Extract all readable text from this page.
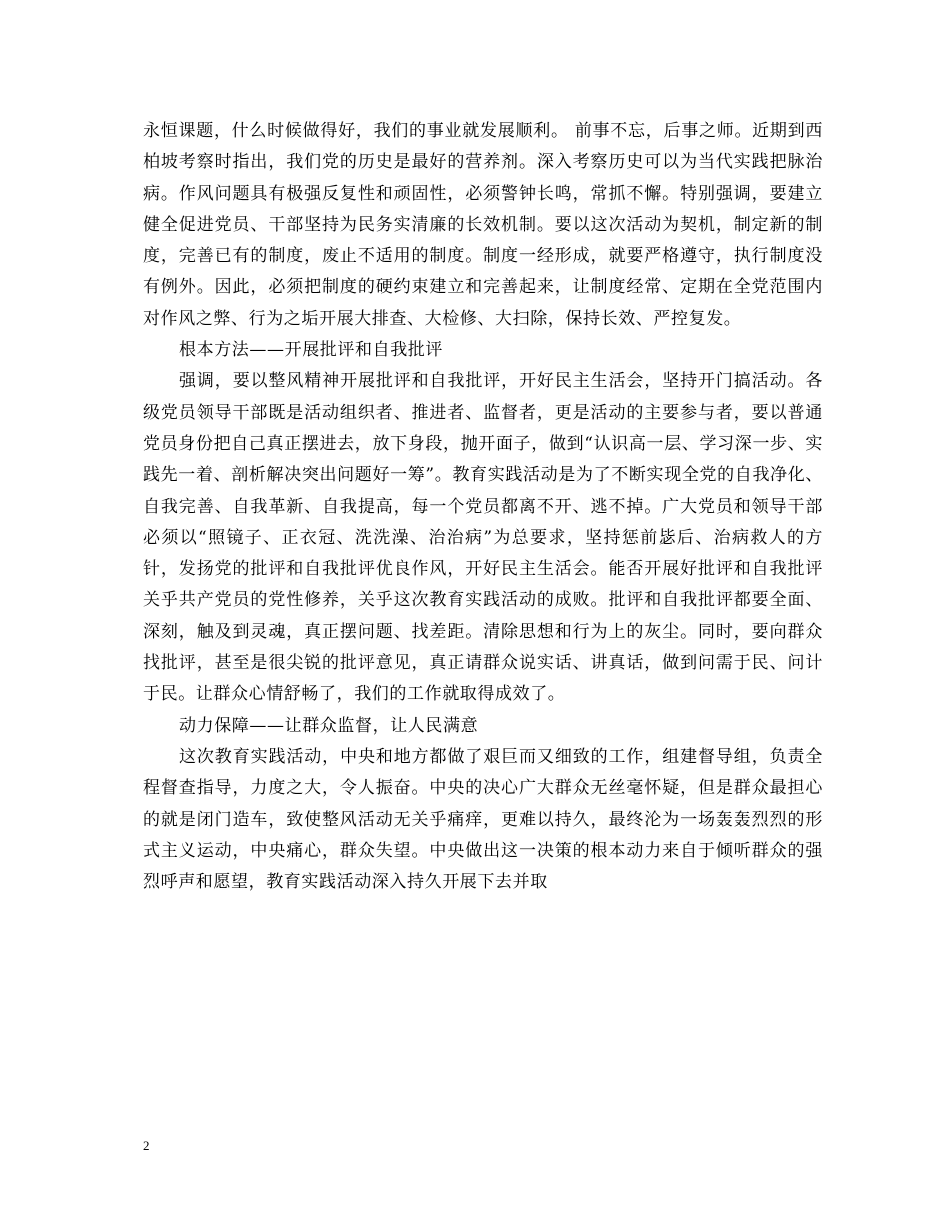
永恒课题，什么时候做得好，我们的事业就发展顺利。 前事不忘，后事之师。近期到西柏坡考察时指出，我们党的历史是最好的营养剂。深入考察历史可以为当代实践把脉治病。作风问题具有极强反复性和顽固性，必须警钟长鸣，常抓不懈。特别强调，要建立健全促进党员、干部坚持为民务实清廉的长效机制。要以这次活动为契机，制定新的制度，完善已有的制度，废止不适用的制度。制度一经形成，就要严格遵守，执行制度没有例外。因此，必须把制度的硬约束建立和完善起来，让制度经常、定期在全党范围内对作风之弊、行为之垢开展大排查、大检修、大扫除，保持长效、严控复发。

根本方法——开展批评和自我批评

强调，要以整风精神开展批评和自我批评，开好民主生活会，坚持开门搞活动。各级党员领导干部既是活动组织者、推进者、监督者，更是活动的主要参与者，要以普通党员身份把自己真正摆进去，放下身段，抛开面子，做到“认识高一层、学习深一步、实践先一着、剖析解决突出问题好一筹”。教育实践活动是为了不断实现全党的自我净化、自我完善、自我革新、自我提高，每一个党员都离不开、逃不掉。广大党员和领导干部必须以“照镜子、正衣冠、洗洗澡、治治病”为总要求，坚持惩前毖后、治病救人的方针，发扬党的批评和自我批评优良作风，开好民主生活会。能否开展好批评和自我批评关乎共产党员的党性修养，关乎这次教育实践活动的成败。批评和自我批评都要全面、深刻，触及到灵魂，真正摆问题、找差距。清除思想和行为上的灰尘。同时，要向群众找批评，甚至是很尖锐的批评意见，真正请群众说实话、讲真话，做到问需于民、问计于民。让群众心情舒畅了，我们的工作就取得成效了。

动力保障——让群众监督，让人民满意

这次教育实践活动，中央和地方都做了艰巨而又细致的工作，组建督导组，负责全程督查指导，力度之大，令人振奋。中央的决心广大群众无丝毫怀疑，但是群众最担心的就是闭门造车，致使整风活动无关乎痛痒，更难以持久，最终沦为一场轰轰烈烈的形式主义运动，中央痛心，群众失望。中央做出这一决策的根本动力来自于倾听群众的强烈呼声和愿望，教育实践活动深入持久开展下去并取

2
